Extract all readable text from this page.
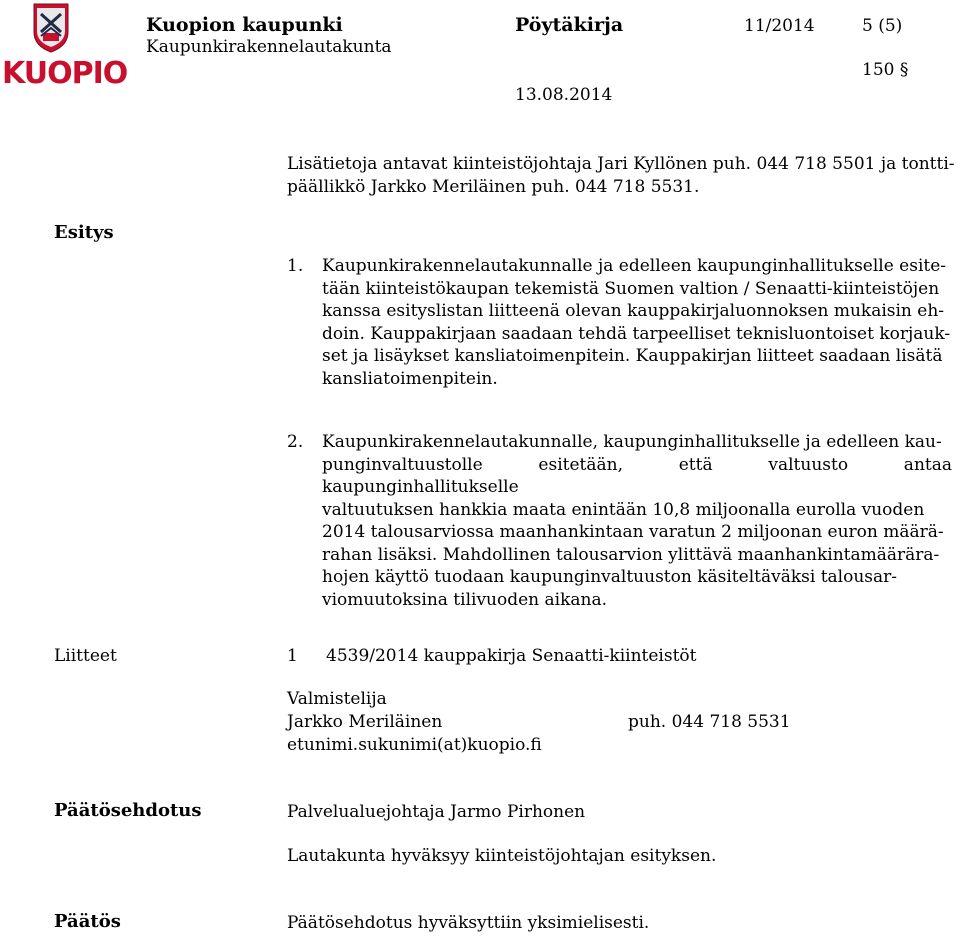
KUOPIO
Kuopion kaupunki
Kaupunkirakennelautakunta
Pöytäkirja	11/2014	5 (5)
150 §
13.08.2014
Lisätietoja antavat kiinteistöjohtaja Jari Kyllönen puh. 044 718 5501 ja tontti-
päällikkö Jarkko Meriläinen puh. 044 718 5531.
Esitys
1. Kaupunkirakennelautakunnalle ja edelleen kaupunginhallitukselle esite-
tään kiinteistökaupan tekemistä Suomen valtion / Senaatti-kiinteistöjen
kanssa esityslistan liitteenä olevan kauppakirjaluonnoksen mukaisin eh-
doin. Kauppakirjaan saadaan tehdä tarpeelliset teknisluontoiset korjauk-
set ja lisäykset kansliatoimenpitein. Kauppakirjan liitteet saadaan lisätä
kansliatoimenpitein.
2. Kaupunkirakennelautakunnalle, kaupunginhallitukselle ja edelleen kau-
punginvaltuustolle esitetään, että valtuusto antaa kaupunginhallitukselle
valtuutuksen hankkia maata enintään 10,8 miljoonalla eurolla vuoden
2014 talousarviossa maanhankintaan varatun 2 miljoonan euron määrä-
rahan lisäksi. Mahdollinen talousarvion ylittävä maanhankintamäärära-
hojen käyttö tuodaan kaupunginvaltuuston käsiteltäväksi talousar-
viomuutoksina tilivuoden aikana.
Liitteet	1 4539/2014 kauppakirja Senaatti-kiinteistöt
Valmistelija
Jarkko Meriläinen	puh. 044 718 5531
etunimi.sukunimi(at)kuopio.fi
Päätösehdotus	Palvelualuejohtaja Jarmo Pirhonen
Lautakunta hyväksyy kiinteistöjohtajan esityksen.
Päätös	Päätösehdotus hyväksyttiin yksimielisesti.
